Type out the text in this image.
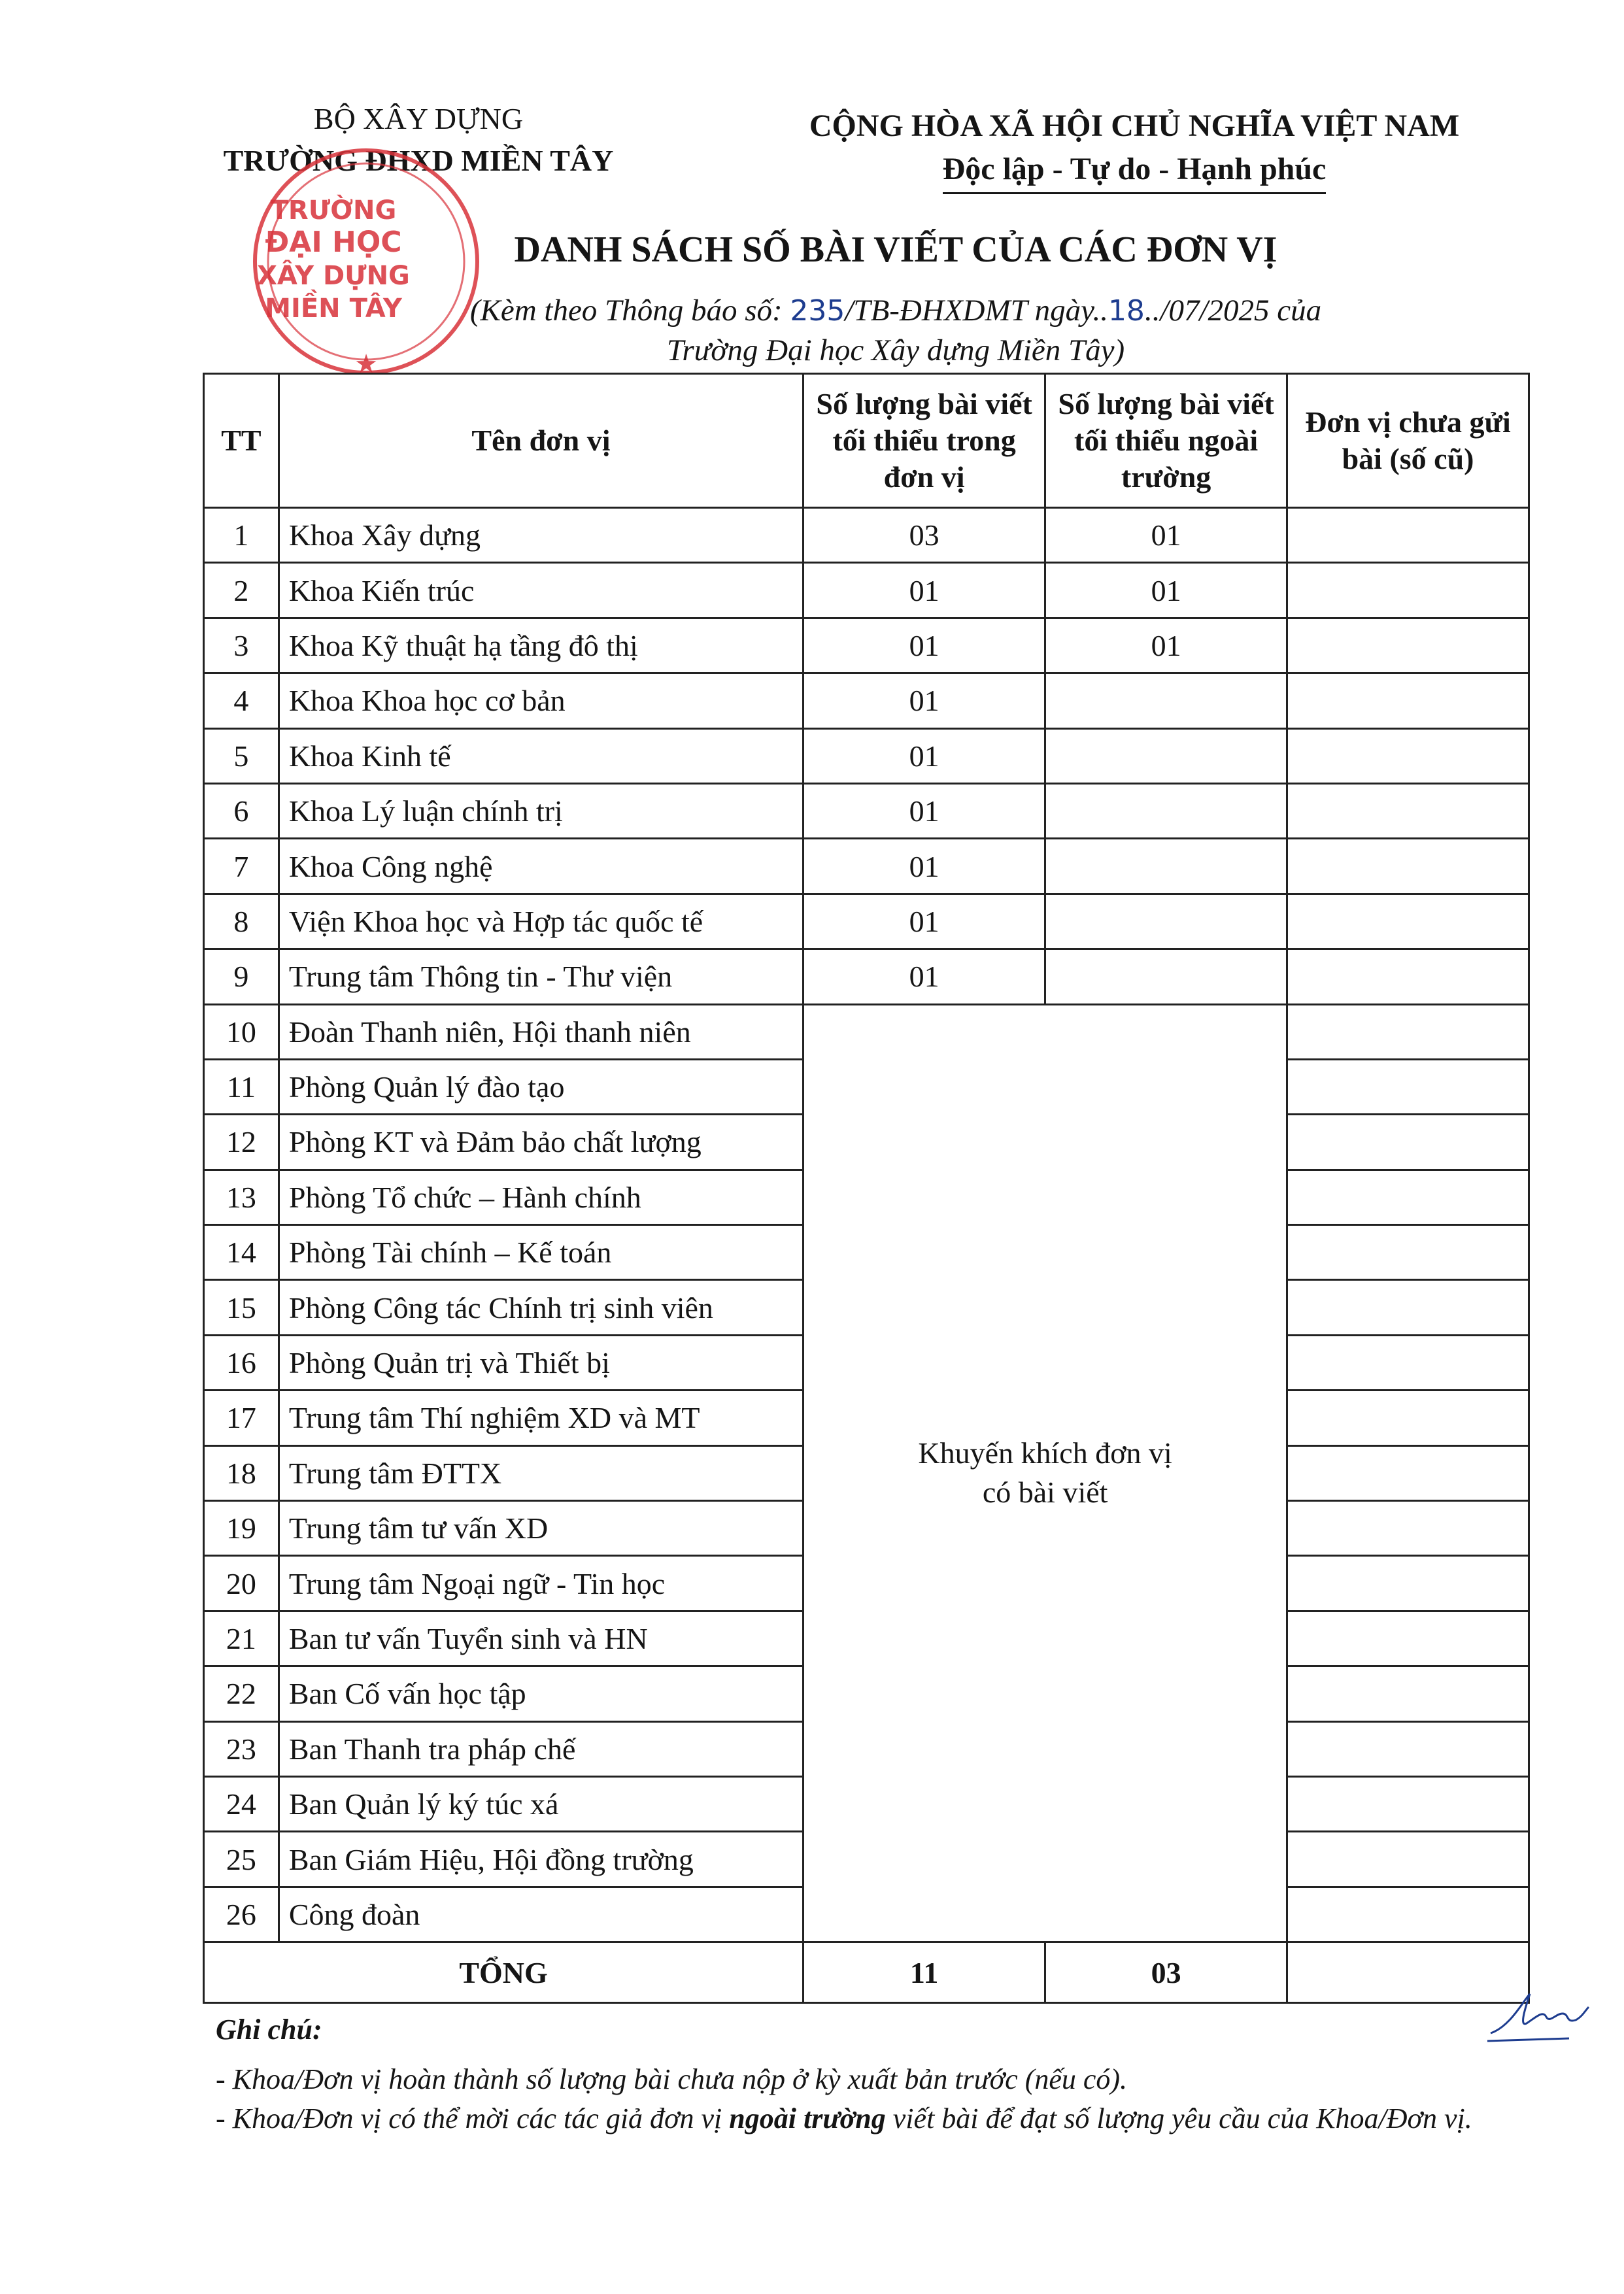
BỘ XÂY DỰNG
TRƯỜNG ĐHXD MIỀN TÂY
CỘNG HÒA XÃ HỘI CHỦ NGHĨA VIỆT NAM
Độc lập - Tự do - Hạnh phúc
TRƯỜNG
ĐẠI HỌC
XÂY DỰNG
MIỀN TÂY
★
DANH SÁCH SỐ BÀI VIẾT CỦA CÁC ĐƠN VỊ
(Kèm theo Thông báo số: 235/TB-ĐHXDMT ngày..18../07/2025 của
Trường Đại học Xây dựng Miền Tây)
TT	Tên đơn vị	Số lượng bài viết tối thiểu trong đơn vị	Số lượng bài viết tối thiểu ngoài trường	Đơn vị chưa gửi bài (số cũ)
1	Khoa Xây dựng	03	01	
2	Khoa Kiến trúc	01	01	
3	Khoa Kỹ thuật hạ tầng đô thị	01	01	
4	Khoa Khoa học cơ bản	01		
5	Khoa Kinh tế	01		
6	Khoa Lý luận chính trị	01		
7	Khoa Công nghệ	01		
8	Viện Khoa học và Hợp tác quốc tế	01		
9	Trung tâm Thông tin - Thư viện	01		
10	Đoàn Thanh niên, Hội thanh niên	Khuyến khích đơn vị
có bài viết		

11	Phòng Quản lý đào tạo			
12	Phòng KT và Đảm bảo chất lượng			
13	Phòng Tổ chức – Hành chính			
14	Phòng Tài chính – Kế toán			
15	Phòng Công tác Chính trị sinh viên			
16	Phòng Quản trị và Thiết bị			
17	Trung tâm Thí nghiệm XD và MT			
18	Trung tâm ĐTTX			
19	Trung tâm tư vấn XD			
20	Trung tâm Ngoại ngữ - Tin học			
21	Ban tư vấn Tuyển sinh và HN			
22	Ban Cố vấn học tập			
23	Ban Thanh tra pháp chế			
24	Ban Quản lý ký túc xá			
25	Ban Giám Hiệu, Hội đồng trường			
26	Công đoàn			
TỔNG		11	03	
Ghi chú:
- Khoa/Đơn vị hoàn thành số lượng bài chưa nộp ở kỳ xuất bản trước (nếu có).
- Khoa/Đơn vị có thể mời các tác giả đơn vị ngoài trường viết bài để đạt số lượng yêu cầu của Khoa/Đơn vị.
